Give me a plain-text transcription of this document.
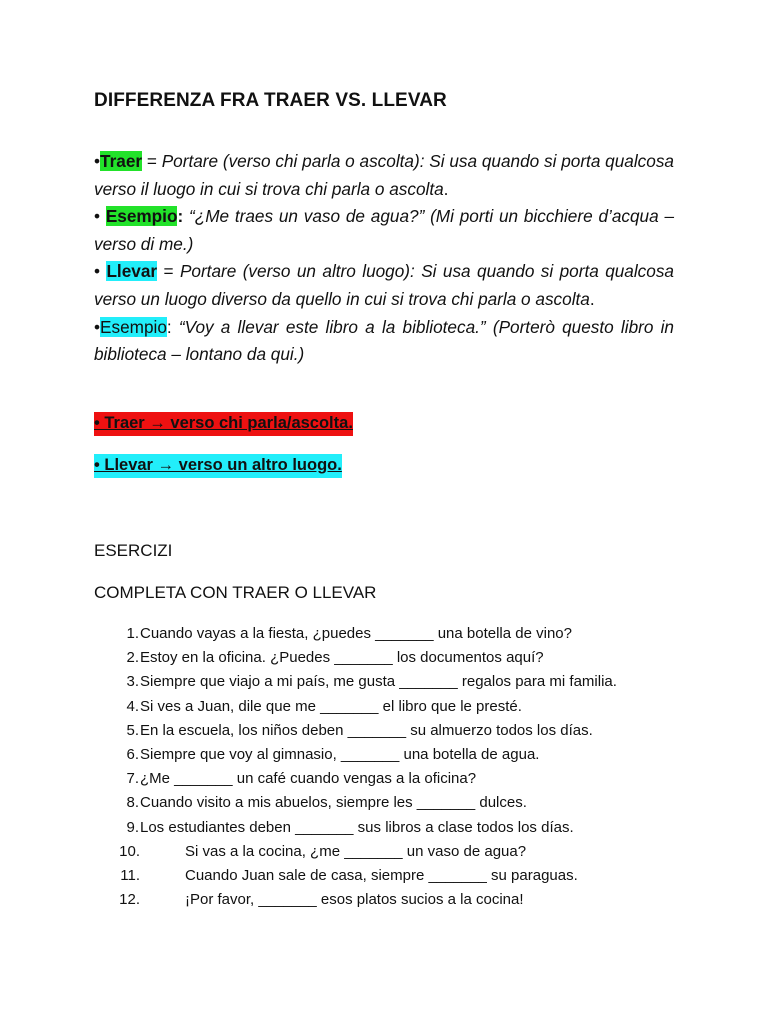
DIFFERENZA FRA TRAER VS. LLEVAR

•Traer = Portare (verso chi parla o ascolta): Si usa quando si porta qualcosa verso il luogo in cui si trova chi parla o ascolta.

• Esempio: “¿Me traes un vaso de agua?” (Mi porti un bicchiere d’acqua – verso di me.)

• Llevar = Portare (verso un altro luogo): Si usa quando si porta qualcosa verso un luogo diverso da quello in cui si trova chi parla o ascolta.

•Esempio: “Voy a llevar este libro a la biblioteca.” (Porterò questo libro in biblioteca – lontano da qui.)

• Traer → verso chi parla/ascolta.

• Llevar → verso un altro luogo.

ESERCIZI
COMPLETA CON TRAER O LLEVAR
1.Cuando vayas a la fiesta, ¿puedes _______ una botella de vino?
2.Estoy en la oficina. ¿Puedes _______ los documentos aquí?
3.Siempre que viajo a mi país, me gusta _______ regalos para mi familia.
4.Si ves a Juan, dile que me _______ el libro que le presté.
5.En la escuela, los niños deben _______ su almuerzo todos los días.
6.Siempre que voy al gimnasio, _______ una botella de agua.
7.¿Me _______ un café cuando vengas a la oficina?
8.Cuando visito a mis abuelos, siempre les _______ dulces.
9.Los estudiantes deben _______ sus libros a clase todos los días.
10.	Si vas a la cocina, ¿me _______ un vaso de agua?
11.	Cuando Juan sale de casa, siempre _______ su paraguas.
12.	¡Por favor, _______ esos platos sucios a la cocina!
